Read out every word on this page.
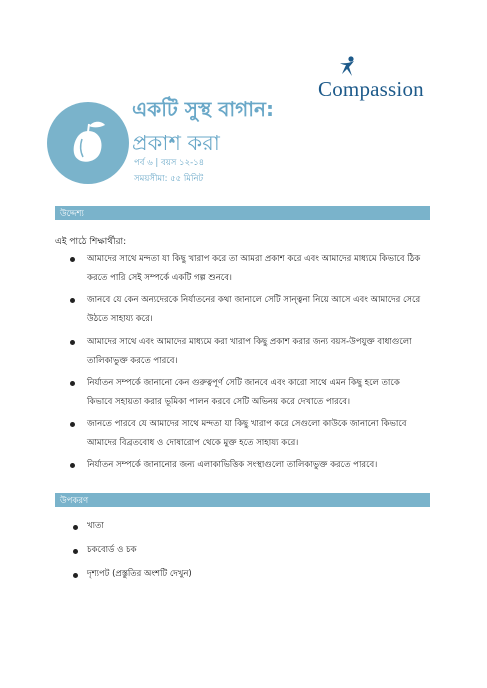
Compassion
একটি সুস্থ বাগান:
প্রকাশ করা
পর্ব ৬ | বয়স ১২-১৪
সময়সীমা: ৫৫ মিনিট
উদ্দেশ্য
এই পাঠে শিক্ষার্থীরা:
আমাদের সাথে মন্দতা যা কিছু খারাপ করে তা আমরা প্রকাশ করে এবং আমাদের মাধ্যমে কিভাবে ঠিক করতে পারি সেই সম্পর্কে একটি গল্প শুনবে।
জানবে যে কেন অন্যদেরকে নির্যাতনের কথা জানালে সেটি সান্ত্বনা নিয়ে আসে এবং আমাদের সেরে উঠতে সাহায্য করে।
আমাদের সাথে এবং আমাদের মাধ্যমে করা খারাপ কিছু প্রকাশ করার জন্য বয়স-উপযুক্ত বাধাগুলো তালিকাভুক্ত করতে পারবে।
নির্যাতন সম্পর্কে জানানো কেন গুরুত্বপূর্ণ সেটি জানবে এবং কারো সাথে এমন কিছু হলে তাকে কিভাবে সহায়তা করার ভূমিকা পালন করবে সেটি অভিনয় করে দেখাতে পারবে।
জানতে পারবে যে আমাদের সাথে মন্দতা যা কিছু খারাপ করে সেগুলো কাউকে জানানো কিভাবে আমাদের বিব্রতবোধ ও দোষারোপ থেকে মুক্ত হতে সাহায্য করে।
নির্যাতন সম্পর্কে জানানোর জন্য এলাকাভিত্তিক সংস্থাগুলো তালিকাভুক্ত করতে পারবে।
উপকরণ
খাতা
চকবোর্ড ও চক
দৃশ্যপট (প্রস্তুতির অংশটি দেখুন)
